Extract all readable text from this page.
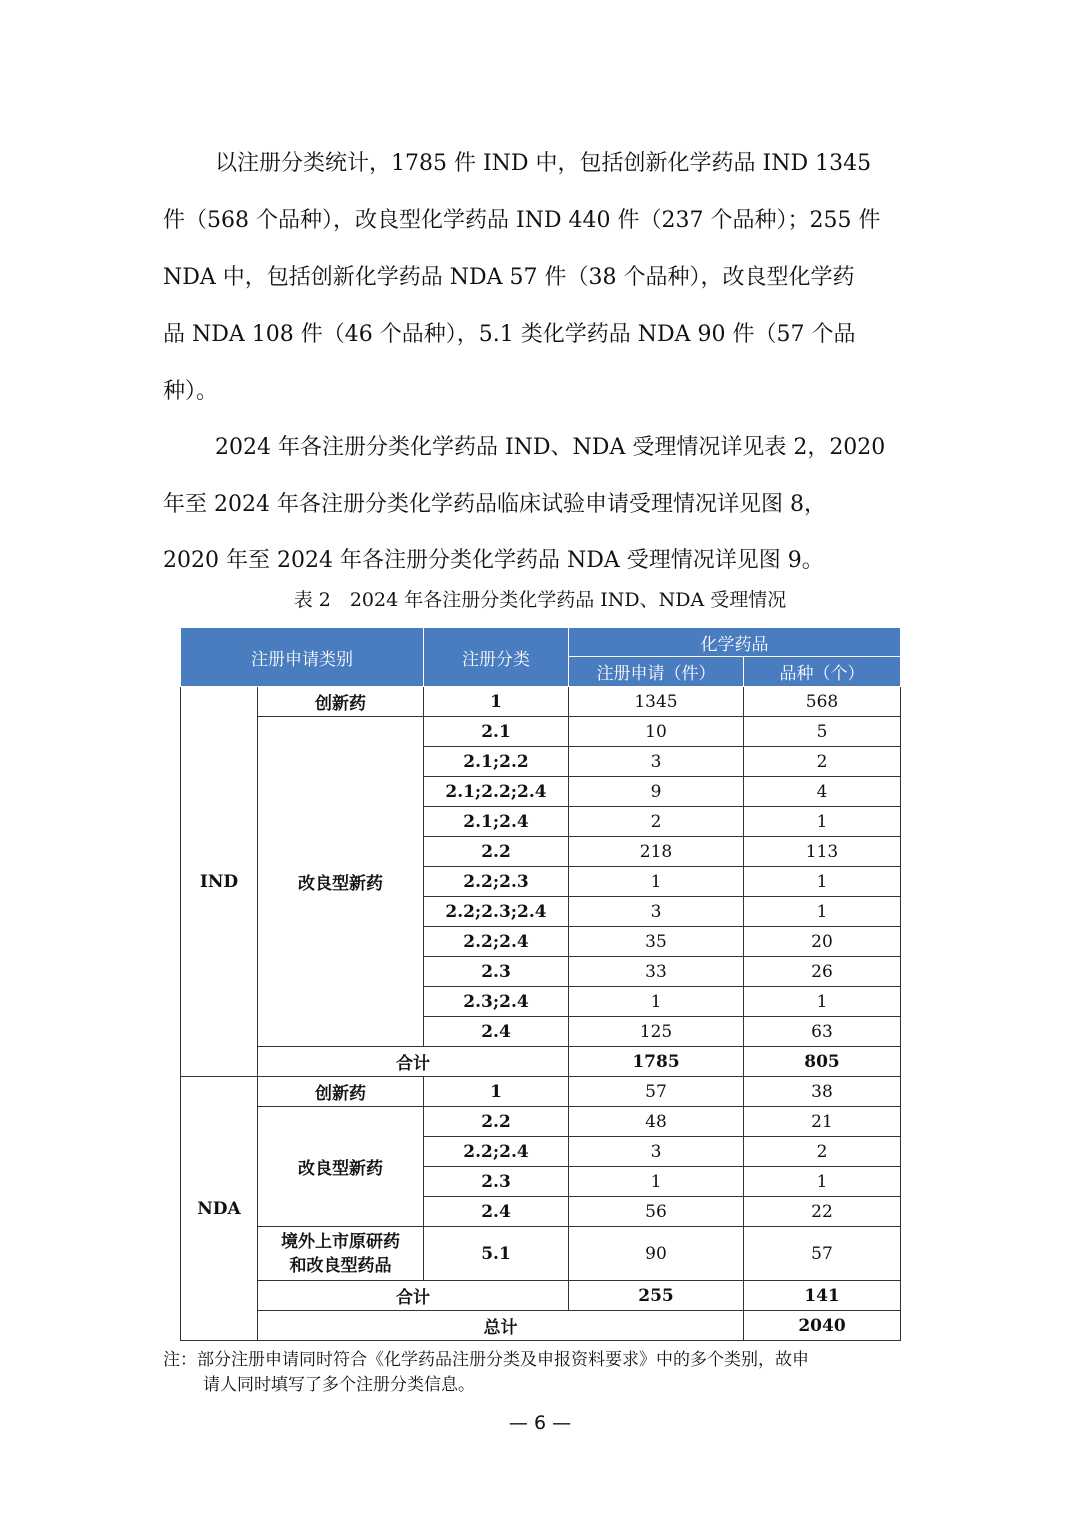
以注册分类统计，1785 件 IND 中，包括创新化学药品 IND 1345
件（568 个品种），改良型化学药品 IND 440 件（237 个品种）；255 件
NDA 中，包括创新化学药品 NDA 57 件（38 个品种），改良型化学药
品 NDA 108 件（46 个品种），5.1 类化学药品 NDA 90 件（57 个品
种）。
2024 年各注册分类化学药品 IND、NDA 受理情况详见表 2，2020
年至 2024 年各注册分类化学药品临床试验申请受理情况详见图 8，
2020 年至 2024 年各注册分类化学药品 NDA 受理情况详见图 9。
表 2　2024 年各注册分类化学药品 IND、NDA 受理情况
注册申请类别		注册分类	化学药品		
			注册申请（件）	品种（个）	
IND	创新药	1	1345	568	
	改良型新药	2.1	10	5	
		2.1;2.2	3	2	
		2.1;2.2;2.4	9	4	
		2.1;2.4	2	1	
		2.2	218	113	
		2.2;2.3	1	1	
		2.2;2.3;2.4	3	1	
		2.2;2.4	35	20	
		2.3	33	26	
		2.3;2.4	1	1	
		2.4	125	63	
	合计		1785	805	
NDA	创新药	1	57	38	
	改良型新药	2.2	48	21	
		2.2;2.4	3	2	
		2.3	1	1	
		2.4	56	22	
	境外上市原研药
和改良型药品	5.1	90	57	
	合计		255	141	
	总计			2040	
注：部分注册申请同时符合《化学药品注册分类及申报资料要求》中的多个类别，故申
请人同时填写了多个注册分类信息。
— 6 —
